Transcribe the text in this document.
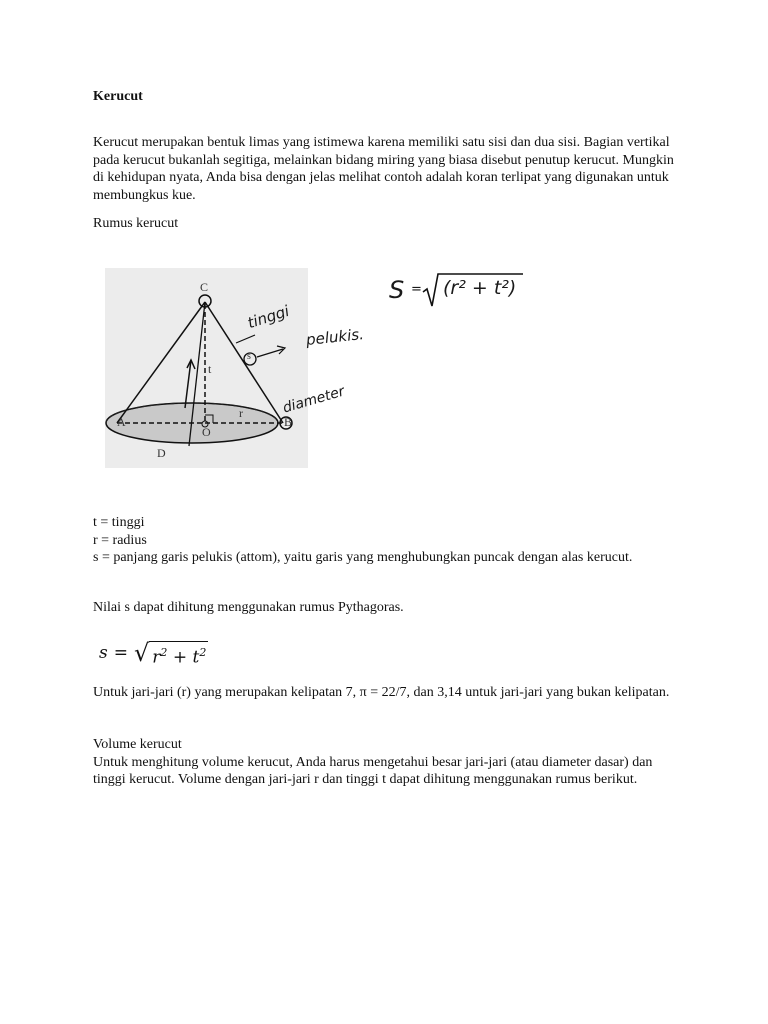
Kerucut

Kerucut merupakan bentuk limas yang istimewa karena memiliki satu sisi dan dua sisi. Bagian vertikal pada kerucut bukanlah segitiga, melainkan bidang miring yang biasa disebut penutup kerucut. Mungkin di kehidupan nyata, Anda bisa dengan jelas melihat contoh adalah koran terlipat yang digunakan untuk membungkus kue.

Rumus kerucut

C
t
s
r
A
O
B
D
tinggi
pelukis.
diameter
S = (r² + t²)
t = tinggi
r = radius
s = panjang garis pelukis (attom), yaitu garis yang menghubungkan puncak dengan alas kerucut.

Nilai s dapat dihitung menggunakan rumus Pythagoras.

s = √ $r^2 + t^2$

Untuk jari-jari (r) yang merupakan kelipatan 7, π = 22/7, dan 3,14 untuk jari-jari yang bukan kelipatan.

Volume kerucut
Untuk menghitung volume kerucut, Anda harus mengetahui besar jari-jari (atau diameter dasar) dan tinggi kerucut. Volume dengan jari-jari r dan tinggi t dapat dihitung menggunakan rumus berikut.
